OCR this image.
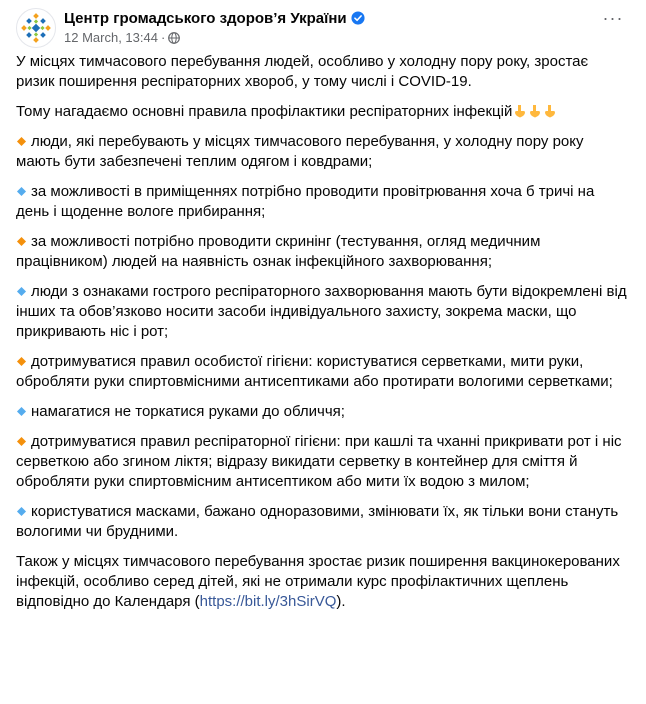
Центр громадського здоров’я України
12 March, 13:44 ·
···

У місцях тимчасового перебування людей, особливо у холодну пору року, зростає ризик поширення респіраторних хвороб, у тому числі і COVID-19.

Тому нагадаємо основні правила профілактики респіраторних інфекцій

люди, які перебувають у місцях тимчасового перебування, у холодну пору року мають бути забезпечені теплим одягом і ковдрами;

за можливості в приміщеннях потрібно проводити провітрювання хоча б тричі на день і щоденне вологе прибирання;

за можливості потрібно проводити скринінг (тестування, огляд медичним працівником) людей на наявність ознак інфекційного захворювання;

люди з ознаками гострого респіраторного захворювання мають бути відокремлені від інших та обов’язково носити засоби індивідуального захисту, зокрема маски, що прикривають ніс і рот;

дотримуватися правил особистої гігієни: користуватися серветками, мити руки, обробляти руки спиртовмісними антисептиками або протирати вологими серветками;

намагатися не торкатися руками до обличчя;

дотримуватися правил респіраторної гігієни: при кашлі та чханні прикривати рот і ніс серветкою або згином ліктя; відразу викидати серветку в контейнер для сміття й обробляти руки спиртовмісним антисептиком або мити їх водою з милом;

користуватися масками, бажано одноразовими, змінювати їх, як тільки вони стануть вологими чи брудними.

Також у місцях тимчасового перебування зростає ризик поширення вакцинокерованих інфекцій, особливо серед дітей, які не отримали курс профілактичних щеплень відповідно до Календаря (https://bit.ly/3hSirVQ).
